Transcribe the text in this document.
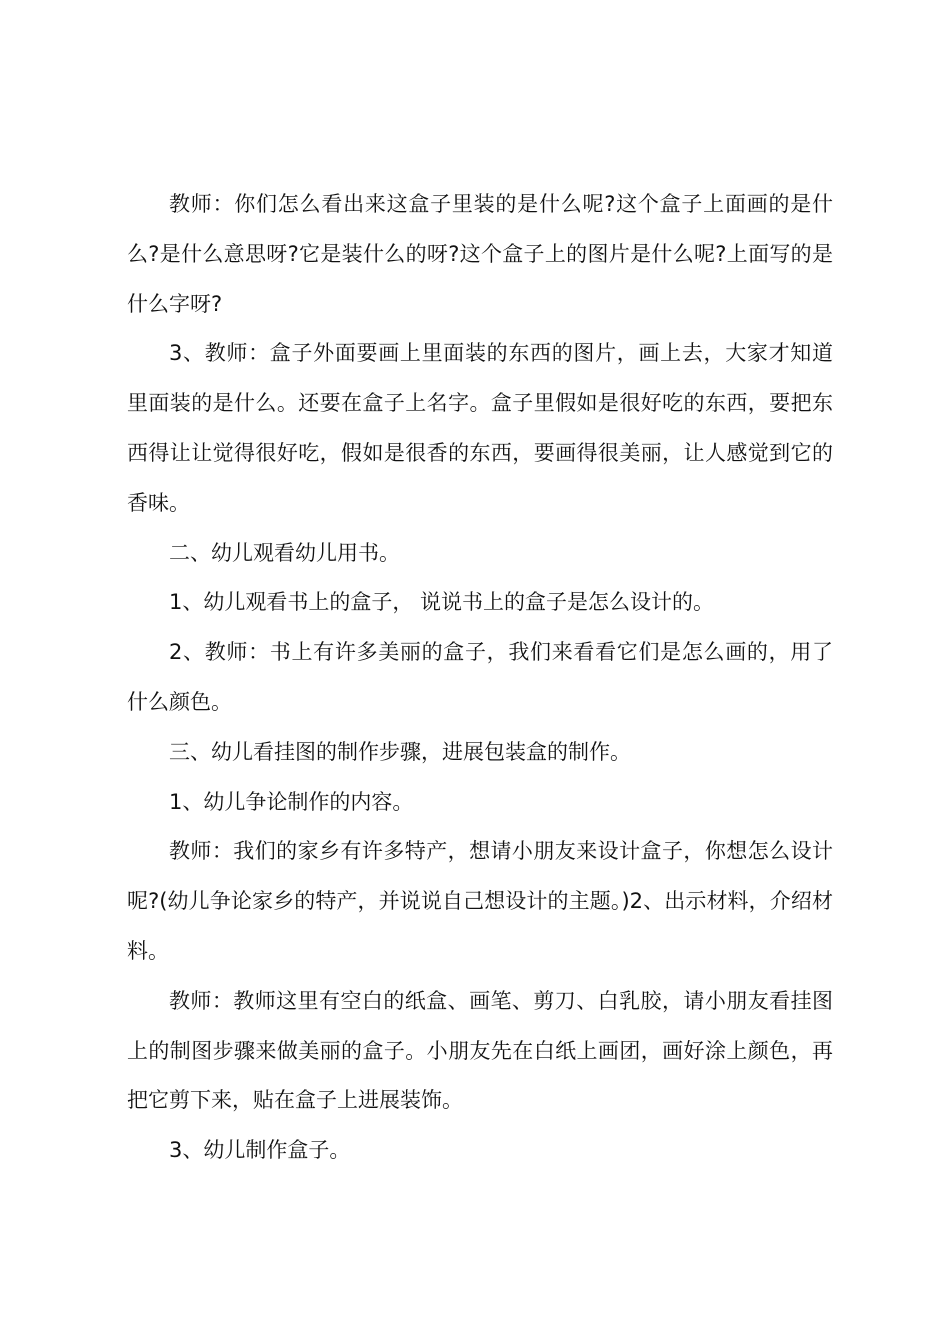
教师：你们怎么看出来这盒子里装的是什么呢?这个盒子上面画的是什么?是什么意思呀?它是装什么的呀?这个盒子上的图片是什么呢?上面写的是什么字呀?

3、教师：盒子外面要画上里面装的东西的图片，画上去，大家才知道里面装的是什么。还要在盒子上名字。盒子里假如是很好吃的东西，要把东西得让让觉得很好吃，假如是很香的东西，要画得很美丽，让人感觉到它的香味。

二、幼儿观看幼儿用书。

1、幼儿观看书上的盒子， 说说书上的盒子是怎么设计的。

2、教师：书上有许多美丽的盒子，我们来看看它们是怎么画的，用了什么颜色。

三、幼儿看挂图的制作步骤，进展包装盒的制作。

1、幼儿争论制作的内容。

教师：我们的家乡有许多特产，想请小朋友来设计盒子，你想怎么设计呢?(幼儿争论家乡的特产，并说说自己想设计的主题。)2、出示材料，介绍材料。

教师：教师这里有空白的纸盒、画笔、剪刀、白乳胶，请小朋友看挂图上的制图步骤来做美丽的盒子。小朋友先在白纸上画团，画好涂上颜色，再把它剪下来，贴在盒子上进展装饰。

3、幼儿制作盒子。
